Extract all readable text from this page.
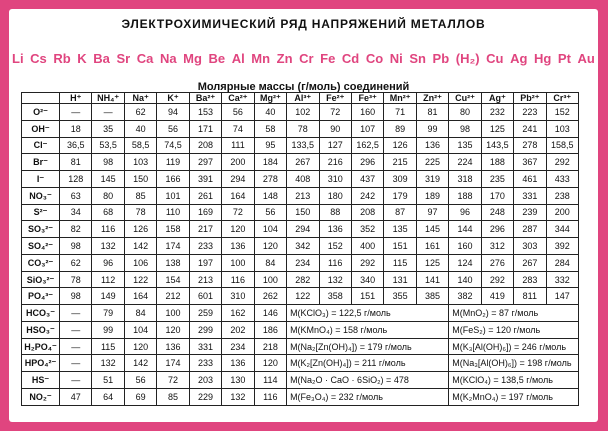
ЭЛЕКТРОХИМИЧЕСКИЙ РЯД НАПРЯЖЕНИЙ МЕТАЛЛОВ
Li Cs Rb K Ba Sr Ca Na Mg Be Al Mn Zn Cr Fe Cd Co Ni Sn Pb (H₂) Cu Ag Hg Pt Au
Молярные массы (г/моль) соединений
	H⁺	NH₄⁺	Na⁺	K⁺	Ba²⁺	Ca²⁺	Mg²⁺	Al³⁺	Fe²⁺	Fe³⁺	Mn²⁺	Zn²⁺	Cu²⁺	Ag⁺	Pb²⁺	Cr³⁺
O²⁻	—	—	62	94	153	56	40	102	72	160	71	81	80	232	223	152
OH⁻	18	35	40	56	171	74	58	78	90	107	89	99	98	125	241	103
Cl⁻	36,5	53,5	58,5	74,5	208	111	95	133,5	127	162,5	126	136	135	143,5	278	158,5
Br⁻	81	98	103	119	297	200	184	267	216	296	215	225	224	188	367	292
I⁻	128	145	150	166	391	294	278	408	310	437	309	319	318	235	461	433
NO₃⁻	63	80	85	101	261	164	148	213	180	242	179	189	188	170	331	238
S²⁻	34	68	78	110	169	72	56	150	88	208	87	97	96	248	239	200
SO₃²⁻	82	116	126	158	217	120	104	294	136	352	135	145	144	296	287	344
SO₄²⁻	98	132	142	174	233	136	120	342	152	400	151	161	160	312	303	392
CO₃²⁻	62	96	106	138	197	100	84	234	116	292	115	125	124	276	267	284
SiO₃²⁻	78	112	122	154	213	116	100	282	132	340	131	141	140	292	283	332
PO₄³⁻	98	149	164	212	601	310	262	122	358	151	355	385	382	419	811	147
HCO₃⁻	—	79	84	100	259	162	146	M(KClO₃) = 122,5 г/моль					M(MnO₂) = 87 г/моль			
HSO₃⁻	—	99	104	120	299	202	186	M(KMnO₄) = 158 г/моль					M(FeS₂) = 120 г/моль			
H₂PO₄⁻	—	115	120	136	331	234	218	M(Na₂[Zn(OH)₄]) = 179 г/моль					M(K₃[Al(OH)₆]) = 246 г/моль			
HPO₄²⁻	—	132	142	174	233	136	120	M(K₂[Zn(OH)₄]) = 211 г/моль					M(Na₃[Al(OH)₆]) = 198 г/моль			
HS⁻	—	51	56	72	203	130	114	M(Na₂O · CaO · 6SiO₂) = 478					M(KClO₄) = 138,5 г/моль			
NO₂⁻	47	64	69	85	229	132	116	M(Fe₃O₄) = 232 г/моль					M(K₂MnO₄) = 197 г/моль			
